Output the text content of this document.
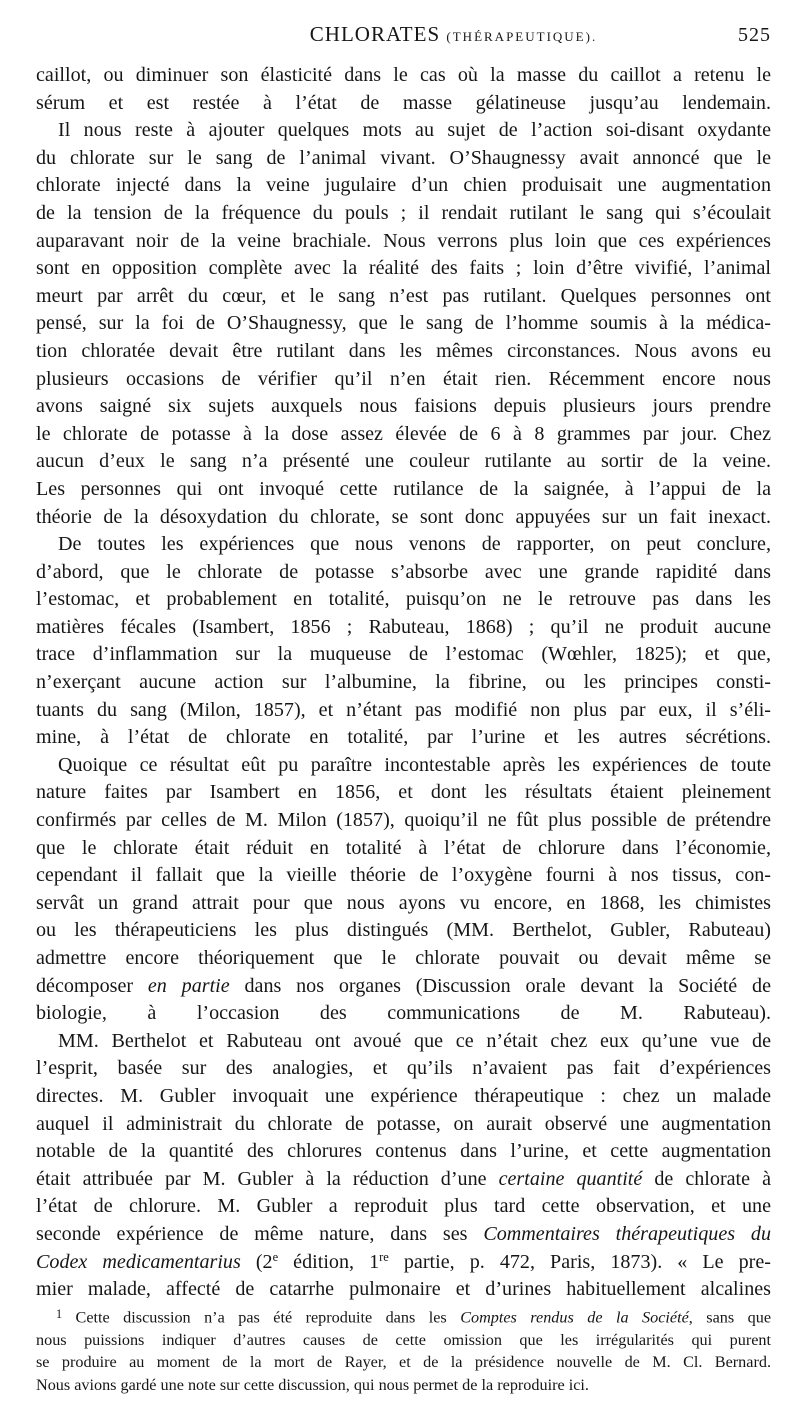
CHLORATES (THÉRAPEUTIQUE).	525

caillot, ou diminuer son élasticité dans le cas où la masse du caillot a retenu le

sérum et est restée à l’état de masse gélatineuse jusqu’au lendemain.

Il nous reste à ajouter quelques mots au sujet de l’action soi-disant oxydante

du chlorate sur le sang de l’animal vivant. O’Shaugnessy avait annoncé que le

chlorate injecté dans la veine jugulaire d’un chien produisait une augmentation

de la tension de la fréquence du pouls ; il rendait rutilant le sang qui s’écoulait

auparavant noir de la veine brachiale. Nous verrons plus loin que ces expériences

sont en opposition complète avec la réalité des faits ; loin d’être vivifié, l’animal

meurt par arrêt du cœur, et le sang n’est pas rutilant. Quelques personnes ont

pensé, sur la foi de O’Shaugnessy, que le sang de l’homme soumis à la médica-

tion chloratée devait être rutilant dans les mêmes circonstances. Nous avons eu

plusieurs occasions de vérifier qu’il n’en était rien. Récemment encore nous

avons saigné six sujets auxquels nous faisions depuis plusieurs jours prendre

le chlorate de potasse à la dose assez élevée de 6 à 8 grammes par jour. Chez

aucun d’eux le sang n’a présenté une couleur rutilante au sortir de la veine.

Les personnes qui ont invoqué cette rutilance de la saignée, à l’appui de la

théorie de la désoxydation du chlorate, se sont donc appuyées sur un fait inexact.

De toutes les expériences que nous venons de rapporter, on peut conclure,

d’abord, que le chlorate de potasse s’absorbe avec une grande rapidité dans

l’estomac, et probablement en totalité, puisqu’on ne le retrouve pas dans les

matières fécales (Isambert, 1856 ; Rabuteau, 1868) ; qu’il ne produit aucune

trace d’inflammation sur la muqueuse de l’estomac (Wœhler, 1825); et que,

n’exerçant aucune action sur l’albumine, la fibrine, ou les principes consti-

tuants du sang (Milon, 1857), et n’étant pas modifié non plus par eux, il s’éli-

mine, à l’état de chlorate en totalité, par l’urine et les autres sécrétions.

Quoique ce résultat eût pu paraître incontestable après les expériences de toute

nature faites par Isambert en 1856, et dont les résultats étaient pleinement

confirmés par celles de M. Milon (1857), quoiqu’il ne fût plus possible de prétendre

que le chlorate était réduit en totalité à l’état de chlorure dans l’économie,

cependant il fallait que la vieille théorie de l’oxygène fourni à nos tissus, con-

servât un grand attrait pour que nous ayons vu encore, en 1868, les chimistes

ou les thérapeuticiens les plus distingués (MM. Berthelot, Gubler, Rabuteau)

admettre encore théoriquement que le chlorate pouvait ou devait même se

décomposer en partie dans nos organes (Discussion orale devant la Société de

biologie, à l’occasion des communications de M. Rabuteau).

MM. Berthelot et Rabuteau ont avoué que ce n’était chez eux qu’une vue de

l’esprit, basée sur des analogies, et qu’ils n’avaient pas fait d’expériences

directes. M. Gubler invoquait une expérience thérapeutique : chez un malade

auquel il administrait du chlorate de potasse, on aurait observé une augmentation

notable de la quantité des chlorures contenus dans l’urine, et cette augmentation

était attribuée par M. Gubler à la réduction d’une certaine quantité de chlorate à

l’état de chlorure. M. Gubler a reproduit plus tard cette observation, et une

seconde expérience de même nature, dans ses Commentaires thérapeutiques du

Codex medicamentarius (2e édition, 1re partie, p. 472, Paris, 1873). « Le pre-

mier malade, affecté de catarrhe pulmonaire et d’urines habituellement alcalines

$^1$ Cette discussion n’a pas été reproduite dans les Comptes rendus de la Société, sans que

nous puissions indiquer d’autres causes de cette omission que les irrégularités qui purent

se produire au moment de la mort de Rayer, et de la présidence nouvelle de M. Cl. Bernard.

Nous avions gardé une note sur cette discussion, qui nous permet de la reproduire ici.
